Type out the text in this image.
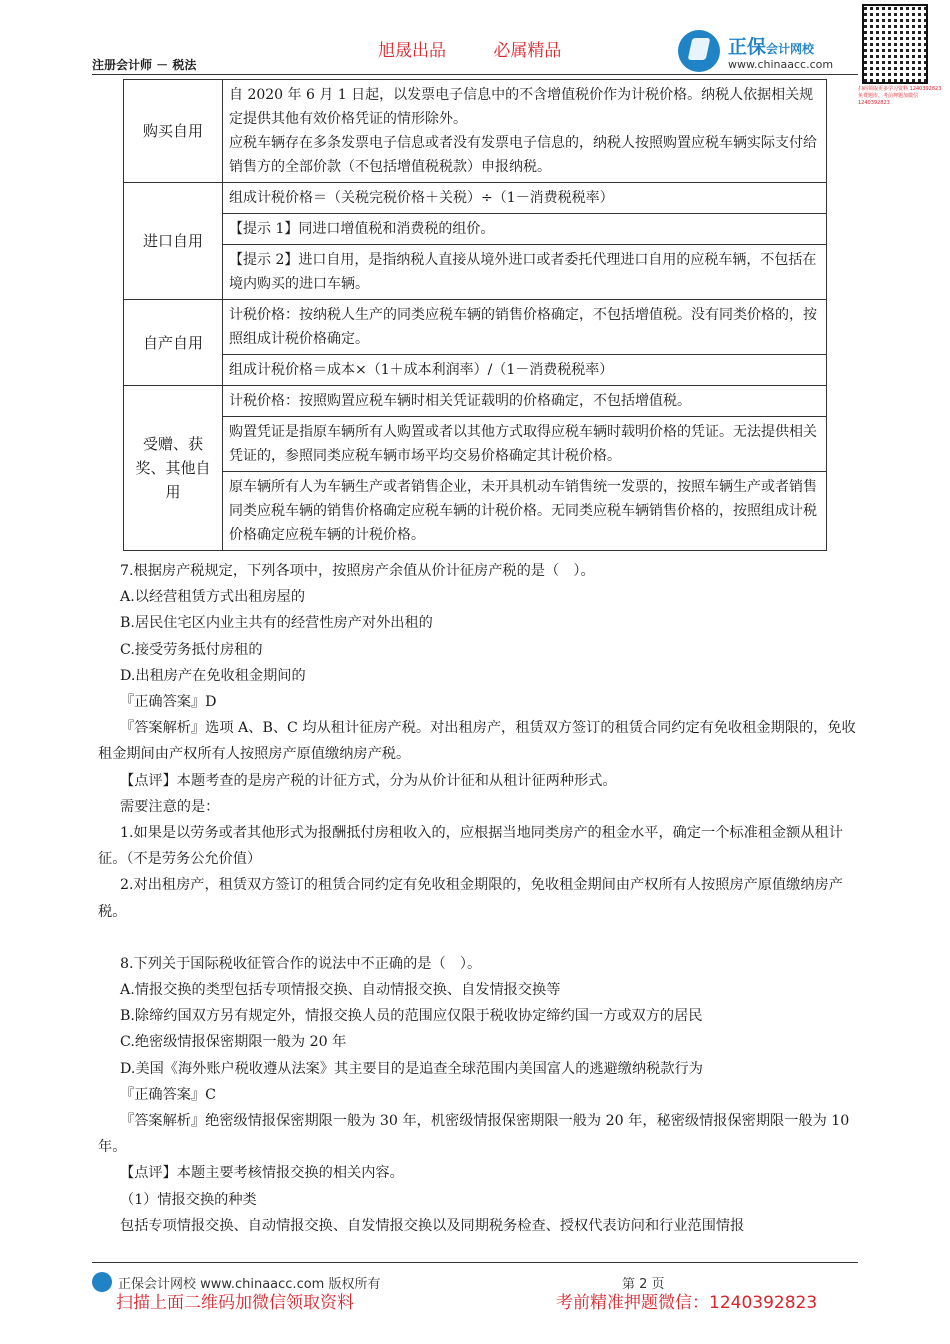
旭晟出品	必属精品
注册会计师 － 税法
正保会计网校
www.chinaacc.com
扫码领取更多学习资料 1240392823 免费题库，考前押题加微信 1240392823
购买自用	自 2020 年 6 月 1 日起，以发票电子信息中的不含增值税价作为计税价格。纳税人依据相关规定提供其他有效价格凭证的情形除外。
应税车辆存在多条发票电子信息或者没有发票电子信息的，纳税人按照购置应税车辆实际支付给销售方的全部价款（不包括增值税税款）申报纳税。
进口自用	组成计税价格＝（关税完税价格＋关税）÷（1－消费税税率）
	【提示 1】同进口增值税和消费税的组价。
	【提示 2】进口自用，是指纳税人直接从境外进口或者委托代理进口自用的应税车辆，不包括在境内购买的进口车辆。
自产自用	计税价格：按纳税人生产的同类应税车辆的销售价格确定，不包括增值税。没有同类价格的，按照组成计税价格确定。
	组成计税价格＝成本×（1＋成本利润率）/（1－消费税税率）
受赠、获奖、其他自用	计税价格：按照购置应税车辆时相关凭证载明的价格确定，不包括增值税。
	购置凭证是指原车辆所有人购置或者以其他方式取得应税车辆时载明价格的凭证。无法提供相关凭证的，参照同类应税车辆市场平均交易价格确定其计税价格。
	原车辆所有人为车辆生产或者销售企业，未开具机动车销售统一发票的，按照车辆生产或者销售同类应税车辆的销售价格确定应税车辆的计税价格。无同类应税车辆销售价格的，按照组成计税价格确定应税车辆的计税价格。

7.根据房产税规定，下列各项中，按照房产余值从价计征房产税的是（　）。

A.以经营租赁方式出租房屋的

B.居民住宅区内业主共有的经营性房产对外出租的

C.接受劳务抵付房租的

D.出租房产在免收租金期间的

『正确答案』D

『答案解析』选项 A、B、C 均从租计征房产税。对出租房产，租赁双方签订的租赁合同约定有免收租金期限的，免收租金期间由产权所有人按照房产原值缴纳房产税。

【点评】本题考查的是房产税的计征方式，分为从价计征和从租计征两种形式。

需要注意的是：

1.如果是以劳务或者其他形式为报酬抵付房租收入的，应根据当地同类房产的租金水平，确定一个标准租金额从租计征。（不是劳务公允价值）

2.对出租房产，租赁双方签订的租赁合同约定有免收租金期限的，免收租金期间由产权所有人按照房产原值缴纳房产税。

8.下列关于国际税收征管合作的说法中不正确的是（　）。

A.情报交换的类型包括专项情报交换、自动情报交换、自发情报交换等

B.除缔约国双方另有规定外，情报交换人员的范围应仅限于税收协定缔约国一方或双方的居民

C.绝密级情报保密期限一般为 20 年

D.美国《海外账户税收遵从法案》其主要目的是追查全球范围内美国富人的逃避缴纳税款行为

『正确答案』C

『答案解析』绝密级情报保密期限一般为 30 年，机密级情报保密期限一般为 20 年，秘密级情报保密期限一般为 10 年。

【点评】本题主要考核情报交换的相关内容。

（1）情报交换的种类

包括专项情报交换、自动情报交换、自发情报交换以及同期税务检查、授权代表访问和行业范围情报

正保会计网校 www.chinaacc.com 版权所有	第 2 页
扫描上面二维码加微信领取资料	考前精准押题微信：1240392823
